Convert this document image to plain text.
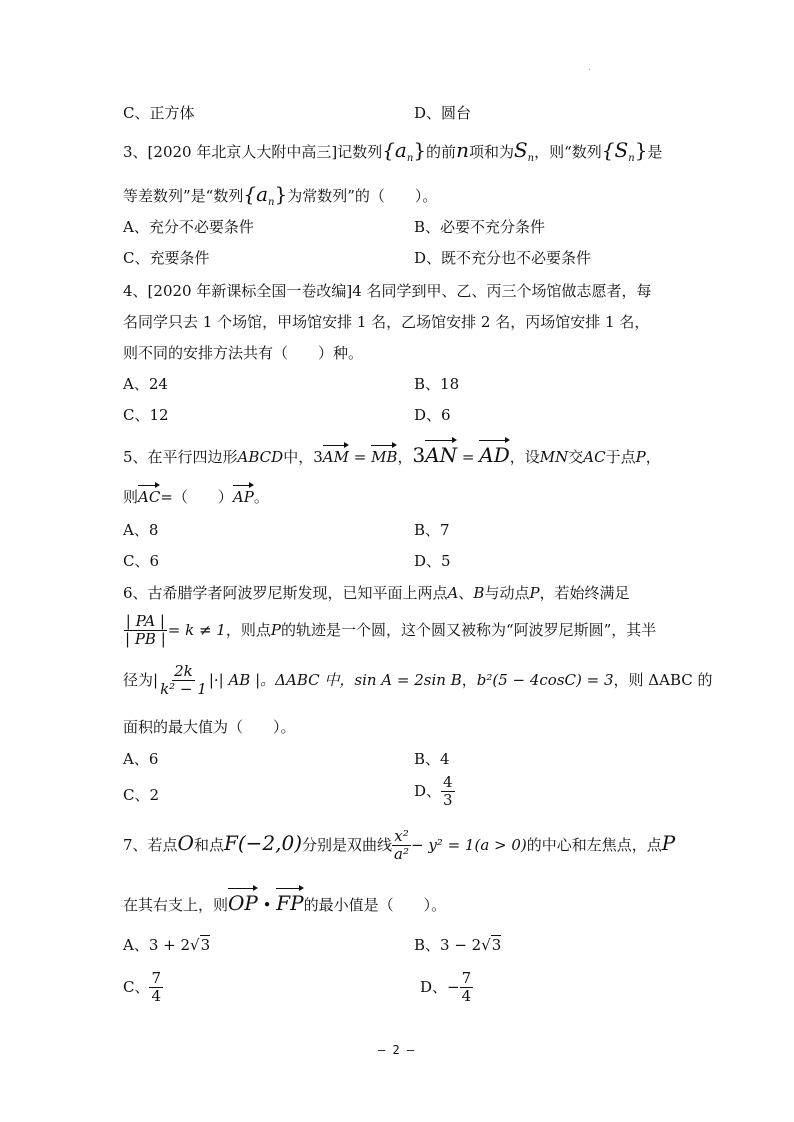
.
C、正方体	D、圆台
3、[2020 年北京人大附中高三]记数列$\{a_n\}$的前n项和为$S_n$，则“数列$\{S_n\}$是
等差数列”是“数列$\{a_n\}$为常数列”的（　　）。
A、充分不必要条件	B、必要不充分条件
C、充要条件	D、既不充分也不必要条件
4、[2020 年新课标全国一卷改编]4 名同学到甲、乙、丙三个场馆做志愿者，每
名同学只去 1 个场馆，甲场馆安排 1 名，乙场馆安排 2 名，丙场馆安排 1 名，
则不同的安排方法共有（　　）种。
A、24	B、18
C、12	D、6
5、在平行四边形ABCD中，3AM = MB，3AN = AD，设MN交AC于点P，
则AC=（　　）AP。
A、8	B、7
C、6	D、5
6、古希腊学者阿波罗尼斯发现，已知平面上两点A、B与动点P，若始终满足
$\frac{| PA |}{| PB |} = k \ne 1$，则点P的轨迹是一个圆，这个圆又被称为“阿波罗尼斯圆”，其半
径为| $\frac{2k}{\text{k² − 1}}$ |·| AB |。ΔABC 中，sin A = 2sin B，b²(5 − 4cosC) = 3，则 ΔABC 的
面积的最大值为（　　）。
A、6	B、4
C、2	D、 $\frac{4}{3}$
7、若点O和点F(−2,0)分别是双曲线 $\frac{\text{x²}}{\text{a²}} - y^2 = 1(a > 0)$的中心和左焦点，点P
在其右支上，则OP • FP的最小值是（　　）。
A、3 + 2√3	B、3 − 2√3
C、 $\frac{7}{4}$	D、− $\frac{7}{4}$
— 2 —
